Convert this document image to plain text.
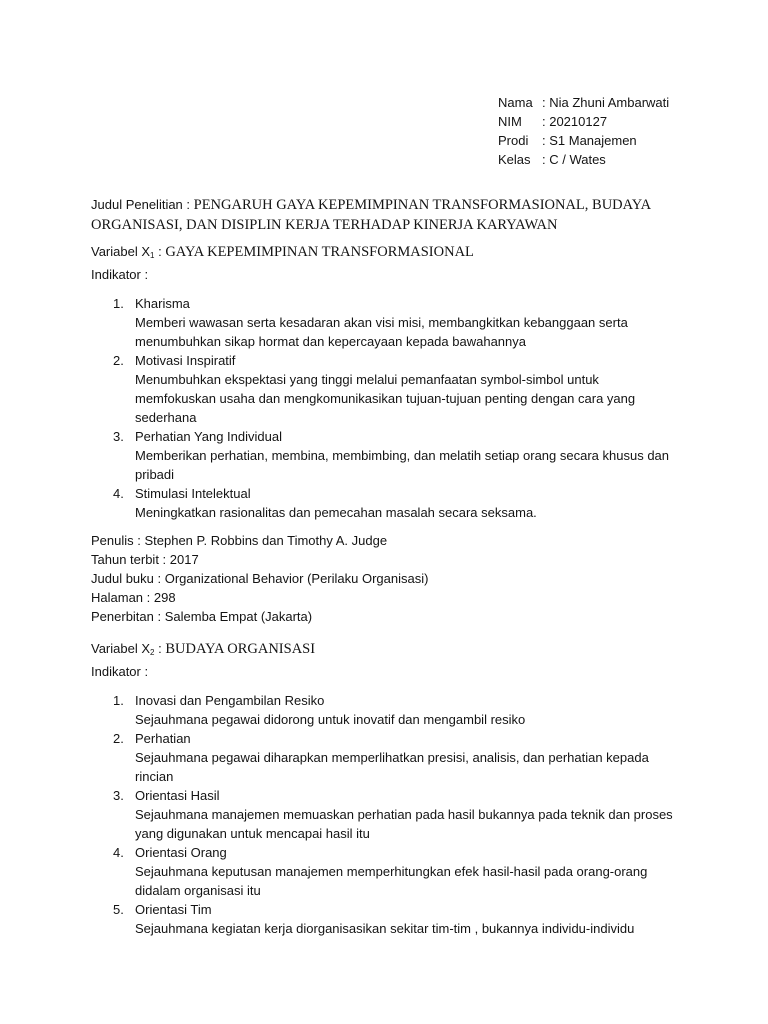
Nama : Nia Zhuni Ambarwati
NIM	: 20210127
Prodi	: S1 Manajemen
Kelas : C / Wates
Judul Penelitian : PENGARUH GAYA KEPEMIMPINAN TRANSFORMASIONAL, BUDAYA ORGANISASI, DAN DISIPLIN KERJA TERHADAP KINERJA KARYAWAN
Variabel $X_1$ : GAYA KEPEMIMPINAN TRANSFORMASIONAL
Indikator :
1. Kharisma
Memberi wawasan serta kesadaran akan visi misi, membangkitkan kebanggaan serta menumbuhkan sikap hormat dan kepercayaan kepada bawahannya
2. Motivasi Inspiratif
Menumbuhkan ekspektasi yang tinggi melalui pemanfaatan symbol-simbol untuk memfokuskan usaha dan mengkomunikasikan tujuan-tujuan penting dengan cara yang sederhana
3. Perhatian Yang Individual
Memberikan perhatian, membina, membimbing, dan melatih setiap orang secara khusus dan pribadi
4. Stimulasi Intelektual
Meningkatkan rasionalitas dan pemecahan masalah secara seksama.
Penulis : Stephen P. Robbins dan Timothy A. Judge
Tahun terbit : 2017
Judul buku : Organizational Behavior (Perilaku Organisasi)
Halaman : 298
Penerbitan : Salemba Empat (Jakarta)
Variabel $X_2$ : BUDAYA ORGANISASI
Indikator :
1. Inovasi dan Pengambilan Resiko
Sejauhmana pegawai didorong untuk inovatif dan mengambil resiko
2. Perhatian
Sejauhmana pegawai diharapkan memperlihatkan presisi, analisis, dan perhatian kepada rincian
3. Orientasi Hasil
Sejauhmana manajemen memuaskan perhatian pada hasil bukannya pada teknik dan proses yang digunakan untuk mencapai hasil itu
4. Orientasi Orang
Sejauhmana keputusan manajemen memperhitungkan efek hasil-hasil pada orang-orang didalam organisasi itu
5. Orientasi Tim
Sejauhmana kegiatan kerja diorganisasikan sekitar tim-tim , bukannya individu-individu
